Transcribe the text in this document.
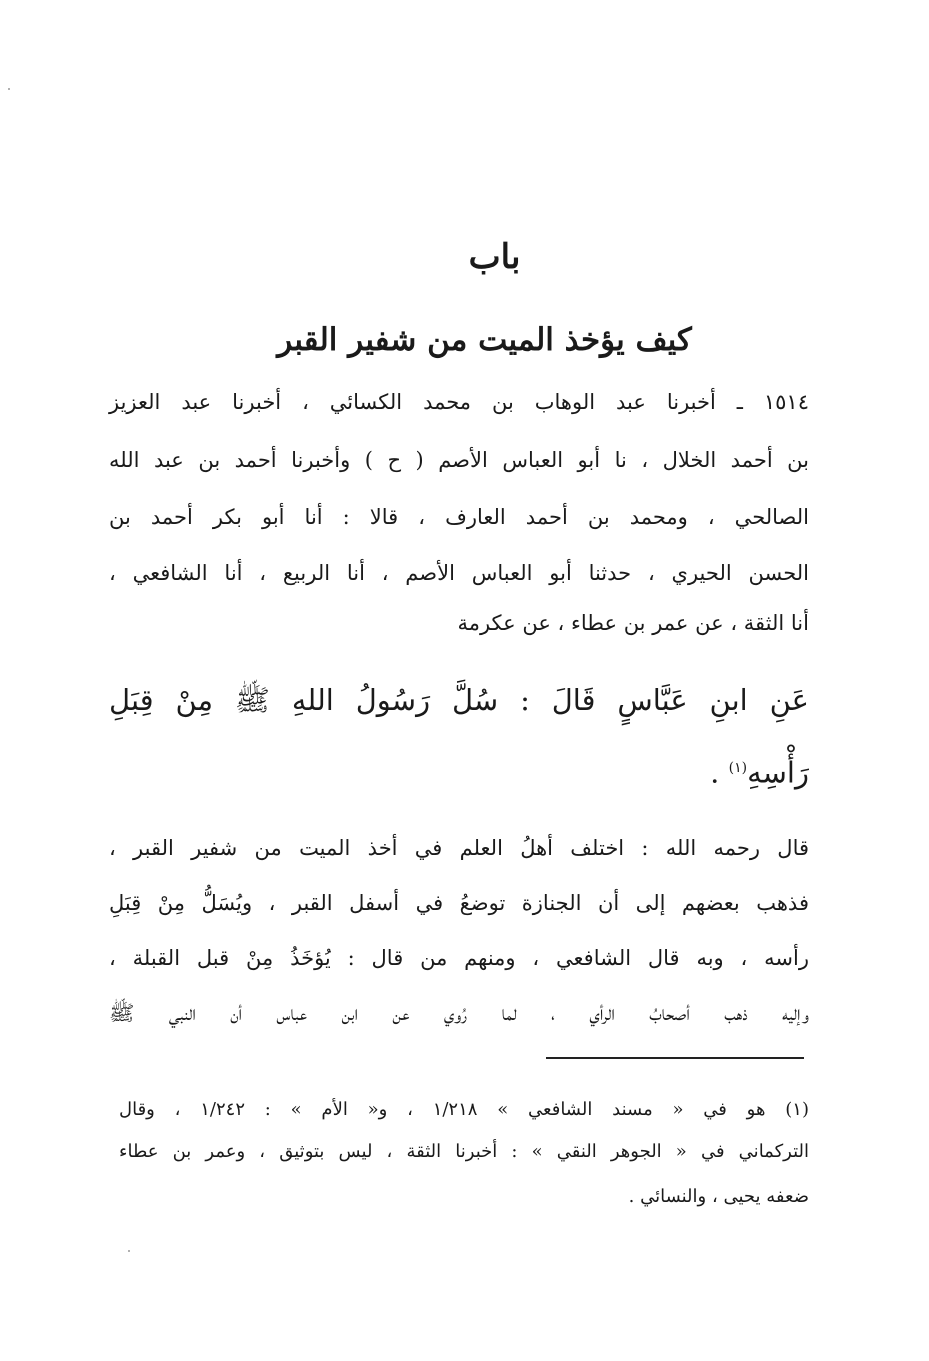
باب
كيف يؤخذ الميت من شفير القبر
١٥١٤ ـ أخبرنا عبد الوهاب بن محمد الكسائي ، أخبرنا عبد العزيز
بن أحمد الخلال ، نا أبو العباس الأصم ( ح ) وأخبرنا أحمد بن عبد الله
الصالحي ، ومحمد بن أحمد العارف ، قالا : أنا أبو بكر أحمد بن
الحسن الحيري ، حدثنا أبو العباس الأصم ، أنا الربيع ، أنا الشافعي ،
أنا الثقة ، عن عمر بن عطاء ، عن عكرمة
عَنِ ابنِ عَبَّاسٍ قَالَ : سُلَّ رَسُولُ اللهِ ﷺ مِنْ قِبَلِ
رَأْسِهِ$^{(١)}$ .
قال رحمه الله : اختلف أهلُ العلم في أخذ الميت من شفير القبر ،
فذهب بعضهم إلى أن الجنازة توضعُ في أسفل القبر ، ويُسَلُّ مِنْ قِبَلِ
رأسه ، وبه قال الشافعي ، ومنهم من قال : يُؤخَذُ مِنْ قبل القبلة ،
وإليه ذهب أصحابُ الرأي ، لما رُوي عن ابن عباس أن النبي ﷺ
(١) هو في « مسند الشافعي » ١/٢١٨ ، و« الأم » : ١/٢٤٢ ، وقال
التركماني في « الجوهر النقي » : أخبرنا الثقة ، ليس بتوثيق ، وعمر بن عطاء
ضعفه يحيى ، والنسائي .
